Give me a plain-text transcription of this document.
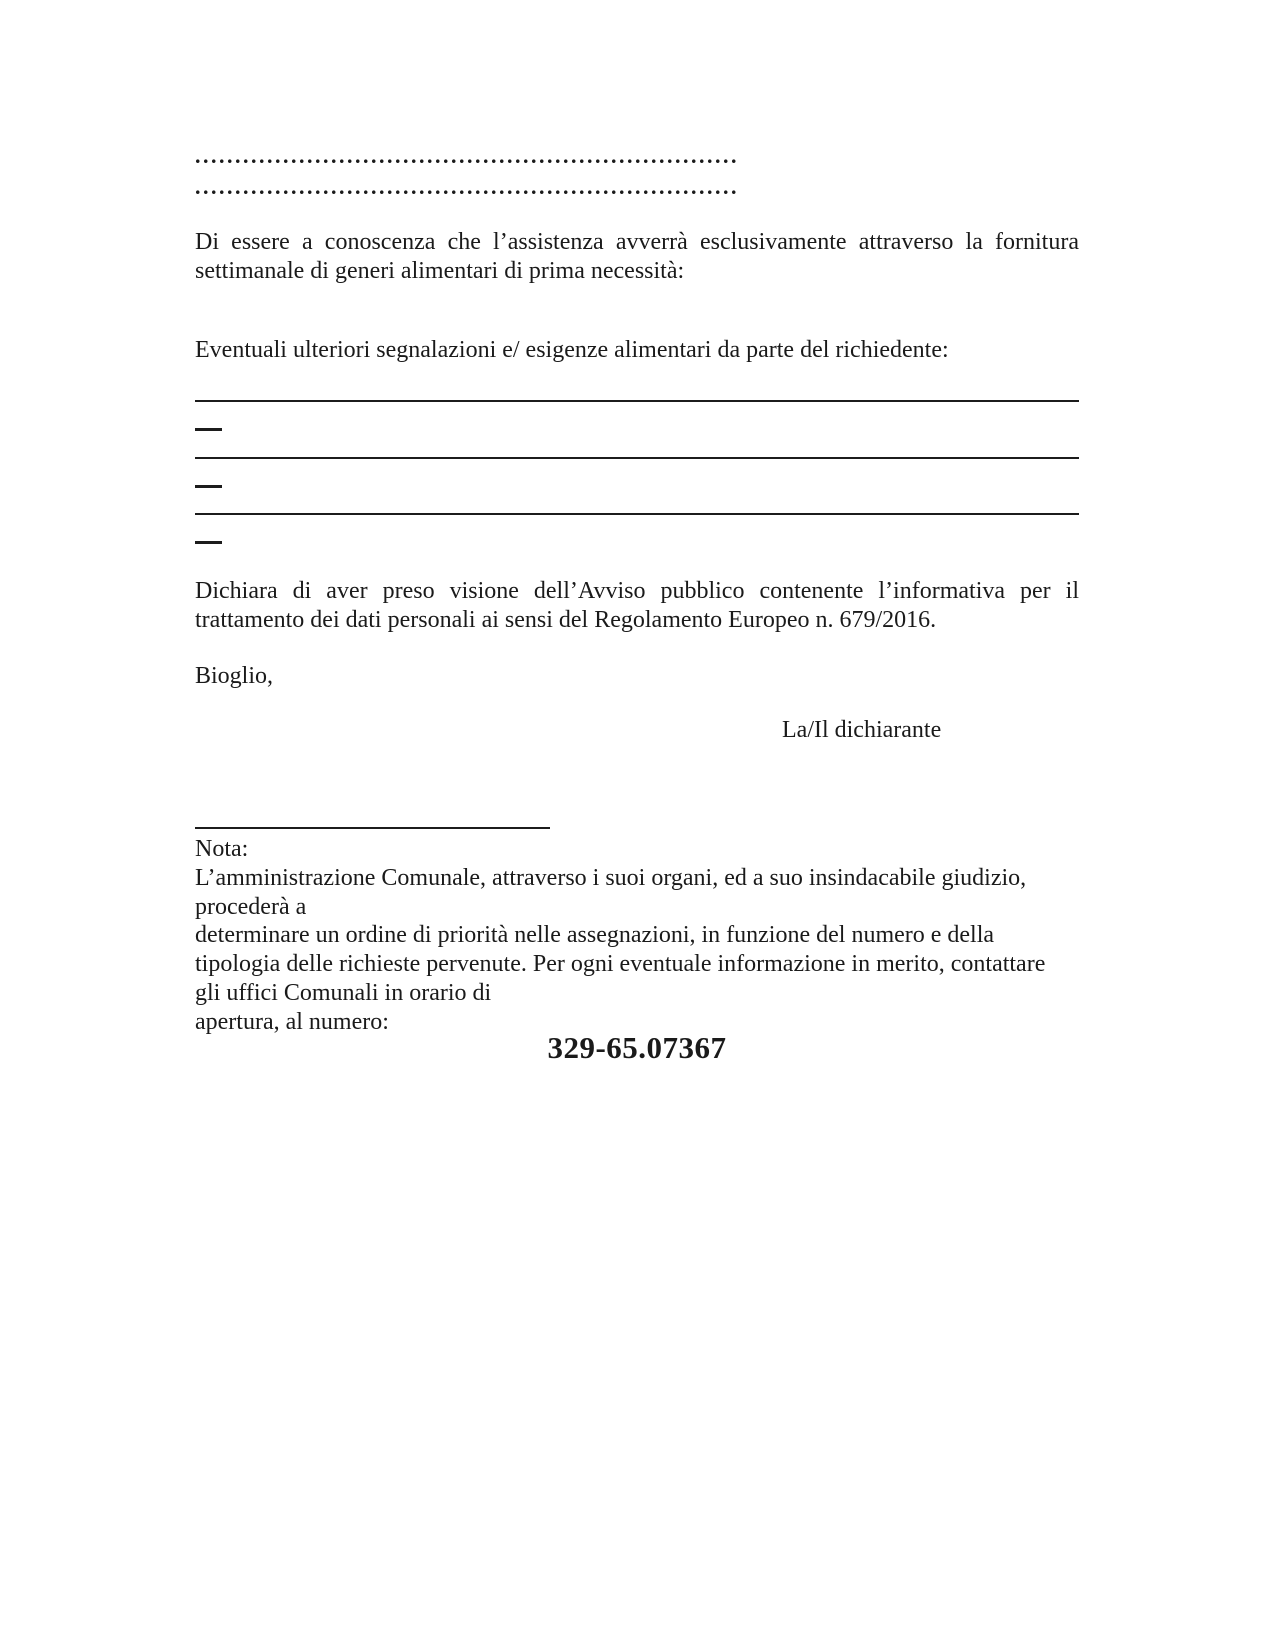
....................................................................
....................................................................
Di essere a conoscenza che l’assistenza avverrà esclusivamente attraverso la fornitura
settimanale di generi alimentari di prima necessità:
Eventuali ulteriori segnalazioni e/ esigenze alimentari da parte del richiedente:
Dichiara di aver preso visione dell’Avviso pubblico contenente l’informativa per il
trattamento dei dati personali ai sensi del Regolamento Europeo n. 679/2016.
Bioglio,
La/Il dichiarante
Nota:
L’amministrazione Comunale, attraverso i suoi organi, ed a suo insindacabile giudizio,
procederà a
determinare un ordine di priorità nelle assegnazioni, in funzione del numero e della
tipologia delle richieste pervenute. Per ogni eventuale informazione in merito, contattare
gli uffici Comunali in orario di
apertura, al numero:
329-65.07367
